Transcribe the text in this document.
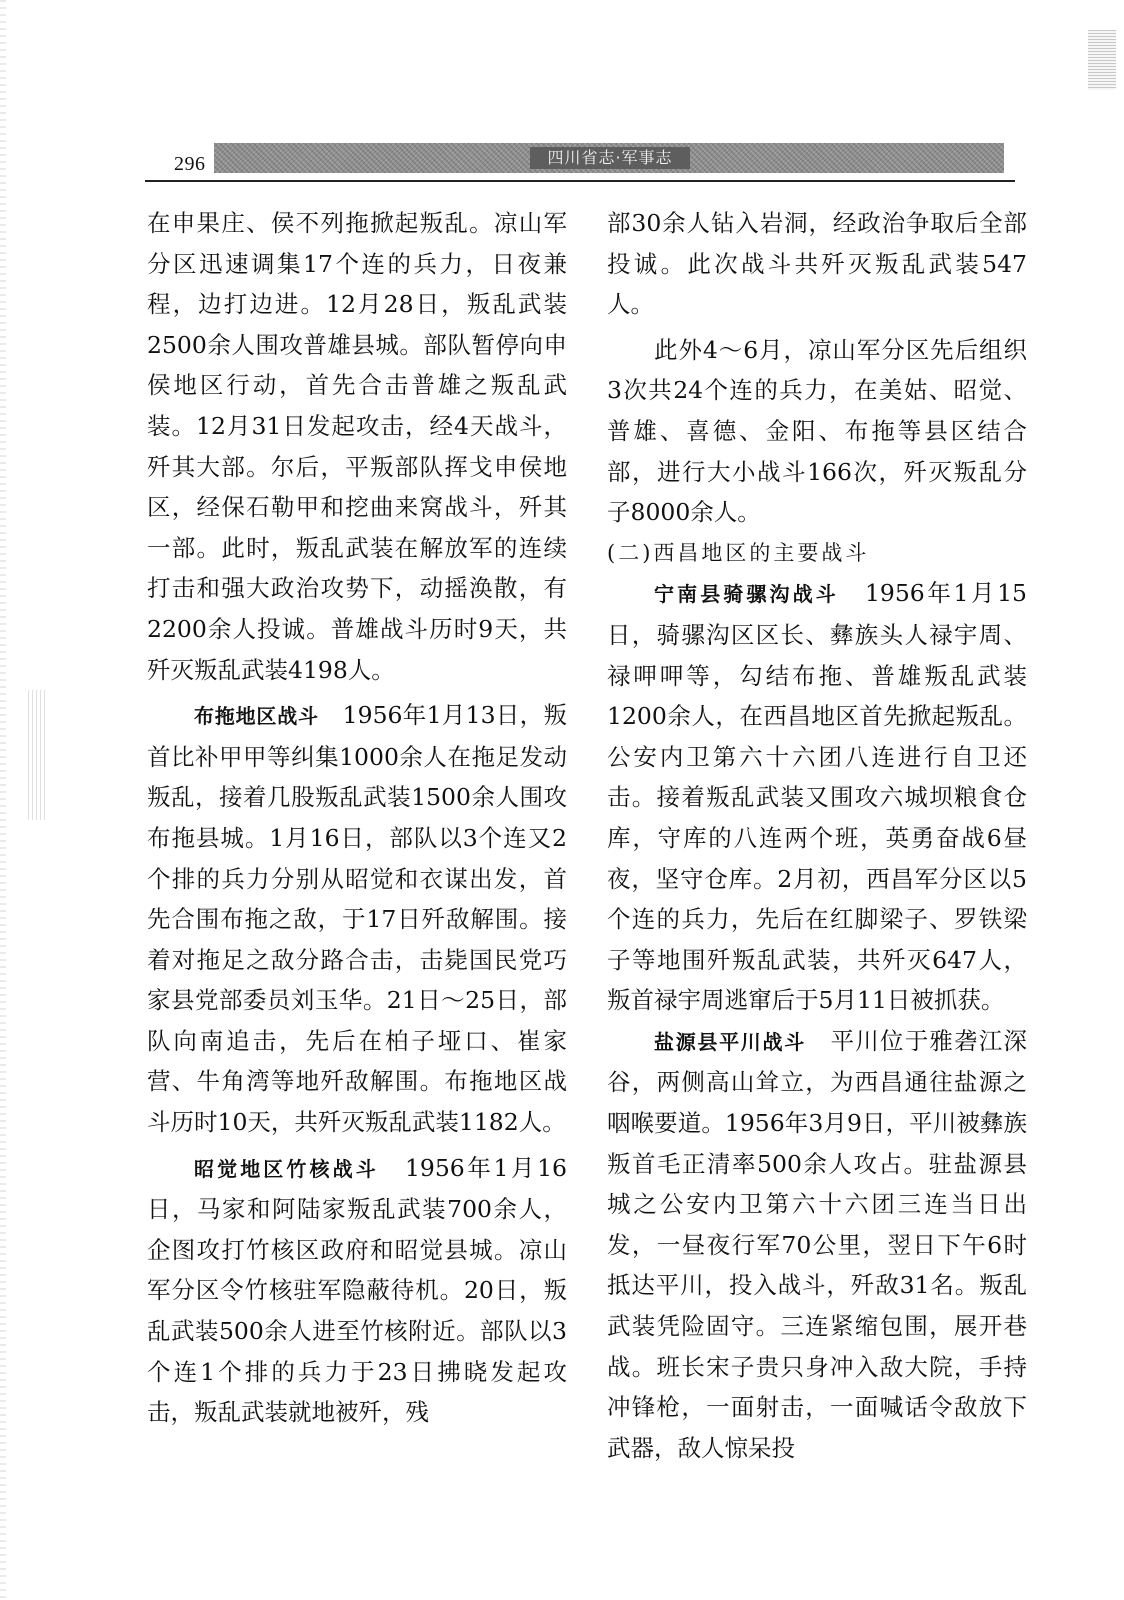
296	四川省志·军事志

在申果庄、侯不列拖掀起叛乱。凉山军分区迅速调集17个连的兵力，日夜兼程，边打边进。12月28日，叛乱武装2500余人围攻普雄县城。部队暂停向申侯地区行动，首先合击普雄之叛乱武装。12月31日发起攻击，经4天战斗，歼其大部。尔后，平叛部队挥戈申侯地区，经保石勒甲和挖曲来窝战斗，歼其一部。此时，叛乱武装在解放军的连续打击和强大政治攻势下，动摇涣散，有2200余人投诚。普雄战斗历时9天，共歼灭叛乱武装4198人。

布拖地区战斗　 1956年1月13日，叛首比补甲甲等纠集1000余人在拖足发动叛乱，接着几股叛乱武装1500余人围攻布拖县城。1月16日，部队以3个连又2个排的兵力分别从昭觉和衣谋出发，首先合围布拖之敌，于17日歼敌解围。接着对拖足之敌分路合击，击毙国民党巧家县党部委员刘玉华。21日～25日，部队向南追击，先后在柏子垭口、崔家营、牛角湾等地歼敌解围。布拖地区战斗历时10天，共歼灭叛乱武装1182人。

昭觉地区竹核战斗　 1956年1月16日，马家和阿陆家叛乱武装700余人，企图攻打竹核区政府和昭觉县城。凉山军分区令竹核驻军隐蔽待机。20日，叛乱武装500余人进至竹核附近。部队以3个连1个排的兵力于23日拂晓发起攻击，叛乱武装就地被歼，残

部30余人钻入岩洞，经政治争取后全部投诚。此次战斗共歼灭叛乱武装547人。

此外4～6月，凉山军分区先后组织3次共24个连的兵力，在美姑、昭觉、普雄、喜德、金阳、布拖等县区结合部，进行大小战斗166次，歼灭叛乱分子8000余人。

(二)西昌地区的主要战斗

宁南县骑骡沟战斗　 1956年1月15日，骑骡沟区区长、彝族头人禄宇周、禄呷呷等，勾结布拖、普雄叛乱武装1200余人，在西昌地区首先掀起叛乱。公安内卫第六十六团八连进行自卫还击。接着叛乱武装又围攻六城坝粮食仓库，守库的八连两个班，英勇奋战6昼夜，坚守仓库。2月初，西昌军分区以5个连的兵力，先后在红脚梁子、罗铁梁子等地围歼叛乱武装，共歼灭647人，叛首禄宇周逃窜后于5月11日被抓获。

盐源县平川战斗　 平川位于雅砻江深谷，两侧高山耸立，为西昌通往盐源之咽喉要道。1956年3月9日，平川被彝族叛首毛正清率500余人攻占。驻盐源县城之公安内卫第六十六团三连当日出发，一昼夜行军70公里，翌日下午6时抵达平川，投入战斗，歼敌31名。叛乱武装凭险固守。三连紧缩包围，展开巷战。班长宋子贵只身冲入敌大院，手持冲锋枪，一面射击，一面喊话令敌放下武器，敌人惊呆投
